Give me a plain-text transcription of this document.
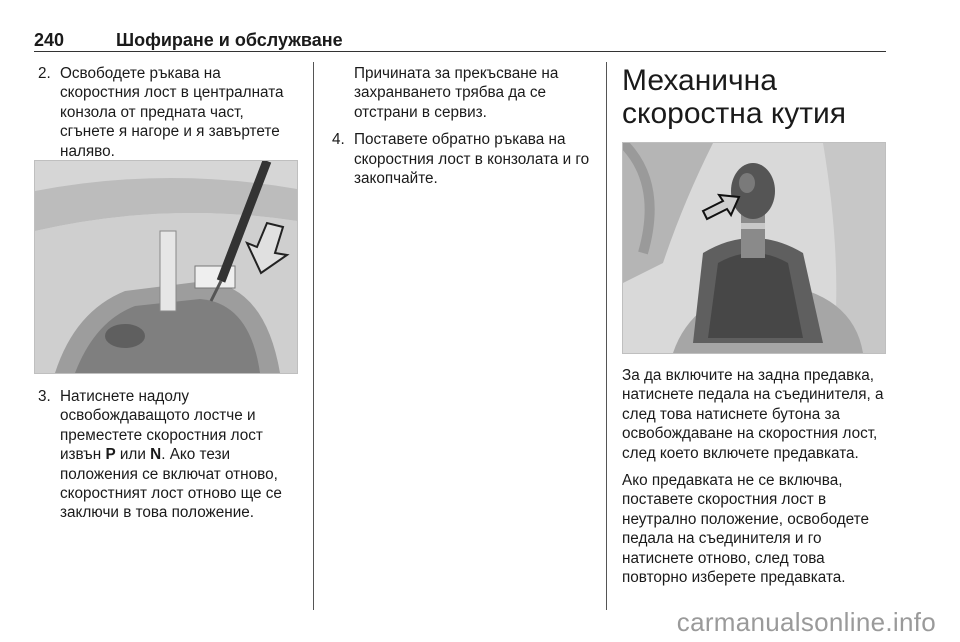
240	Шофиране и обслужване
2. Освободете ръкава на скоростния лост в централната конзола от предната част, сгънете я нагоре и я завъртете наляво.
3. Натиснете надолу освобождаващото лостче и преместете скоростния лост извън P или N. Ако тези положения се включат отново, скоростният лост отново ще се заключи в това положение.
Причината за прекъсване на захранването трябва да се отстрани в сервиз.
4. Поставете обратно ръкава на скоростния лост в конзолата и го закопчайте.
Механична скоростна кутия
За да включите на задна предавка, натиснете педала на съединителя, а след това натиснете бутона за освобождаване на скоростния лост, след което включете предавката.
Ако предавката не се включва, поставете скоростния лост в неутрално положение, освободете педала на съединителя и го натиснете отново, след това повторно изберете предавката.
carmanualsonline.info
